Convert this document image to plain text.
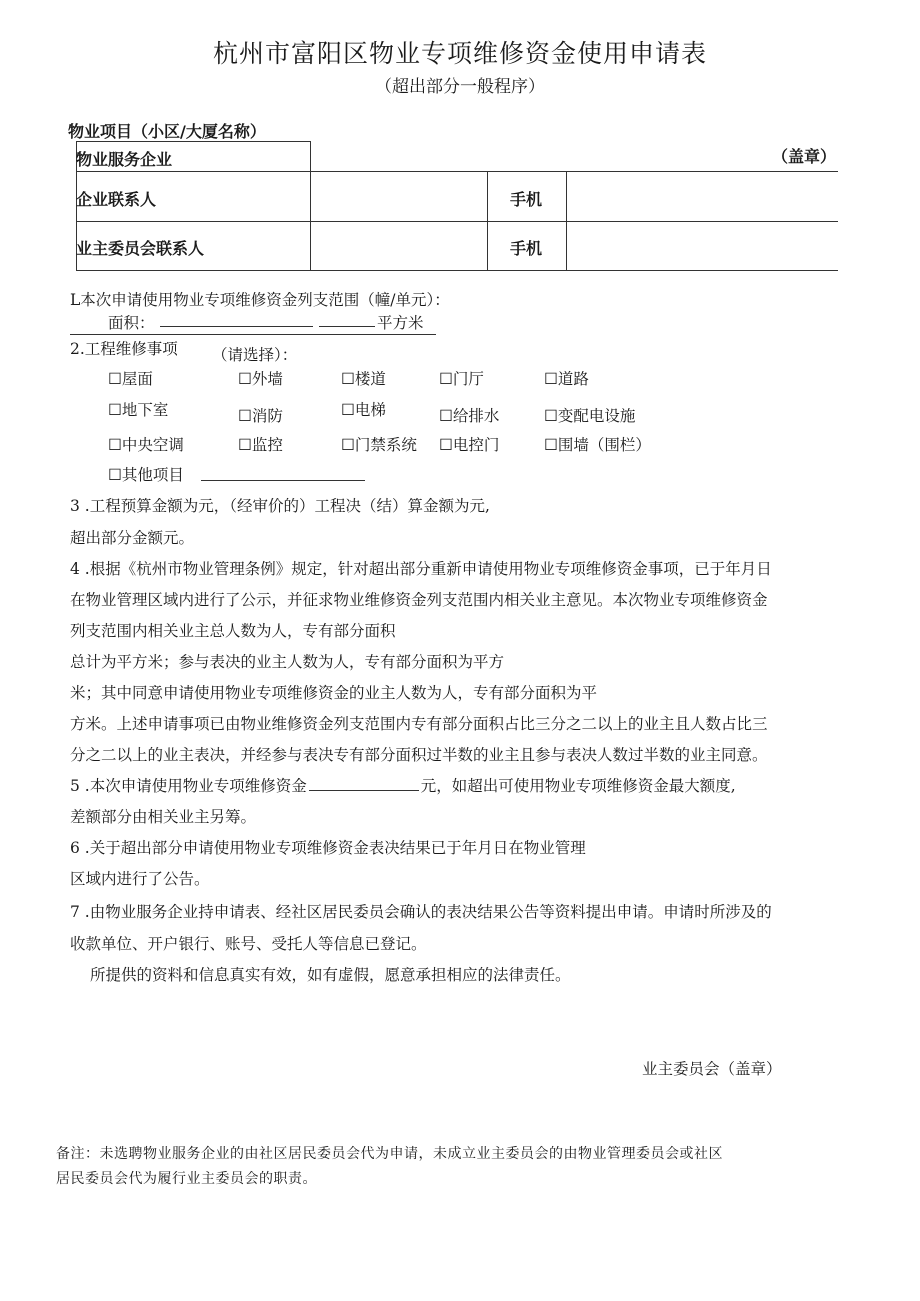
杭州市富阳区物业专项维修资金使用申请表
（超出部分一般程序）
物业项目（小区/大厦名称）
物业服务企业	（盖章）
企业联系人	手机
业主委员会联系人	手机
L本次申请使用物业专项维修资金列支范围（幢/单元）：
面积：	平方米
2.工程维修事项 （请选择）：
☐屋面	☐外墙	☐楼道	☐门厅	☐道路
☐地下室	☐消防	☐电梯	☐给排水	☐变配电设施
☐中央空调	☐监控	☐门禁系统 ☐电控门	☐围墙（围栏）
☐其他项目
3 .工程预算金额为元，（经审价的）工程决（结）算金额为元,
超出部分金额元。
4 .根据《杭州市物业管理条例》规定，针对超出部分重新申请使用物业专项维修资金事项，已于年月日
在物业管理区域内进行了公示，并征求物业维修资金列支范围内相关业主意见。本次物业专项维修资金
列支范围内相关业主总人数为人，专有部分面积
总计为平方米；参与表决的业主人数为人，专有部分面积为平方
米；其中同意申请使用物业专项维修资金的业主人数为人，专有部分面积为平
方米。上述申请事项已由物业维修资金列支范围内专有部分面积占比三分之二以上的业主且人数占比三
分之二以上的业主表决，并经参与表决专有部分面积过半数的业主且参与表决人数过半数的业主同意。
5 .本次申请使用物业专项维修资金	元，如超出可使用物业专项维修资金最大额度,
差额部分由相关业主另筹。
6 .关于超出部分申请使用物业专项维修资金表决结果已于年月日在物业管理
区域内进行了公告。
7 .由物业服务企业持申请表、经社区居民委员会确认的表决结果公告等资料提出申请。申请时所涉及的
收款单位、开户银行、账号、受托人等信息已登记。
所提供的资料和信息真实有效，如有虚假，愿意承担相应的法律责任。
业主委员会（盖章）
备注：未选聘物业服务企业的由社区居民委员会代为申请，未成立业主委员会的由物业管理委员会或社区
居民委员会代为履行业主委员会的职责。
